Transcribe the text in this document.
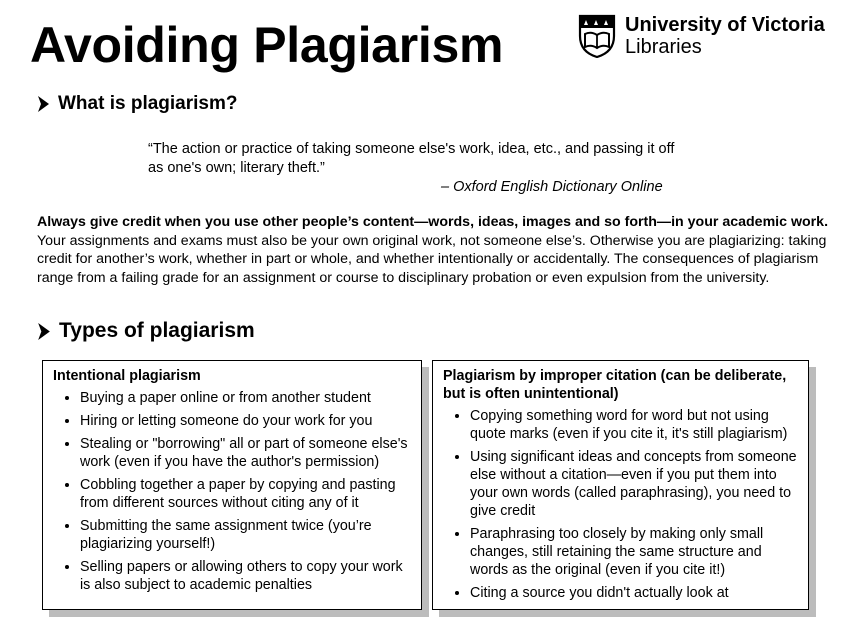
Avoiding Plagiarism	University of Victoria
Libraries
What is plagiarism?
“The action or practice of taking someone else's work, idea, etc., and passing it off as one's own; literary theft.”
– Oxford English Dictionary Online
Always give credit when you use other people’s content—words, ideas, images and so forth—in your academic work. Your assignments and exams must also be your own original work, not someone else’s. Otherwise you are plagiarizing: taking credit for another’s work, whether in part or whole, and whether intentionally or accidentally. The consequences of plagiarism range from a failing grade for an assignment or course to disciplinary probation or even expulsion from the university.
Types of plagiarism
Intentional plagiarism
• Buying a paper online or from another student
• Hiring or letting someone do your work for you
• Stealing or "borrowing" all or part of someone else's work (even if you have the author's permission)
• Cobbling together a paper by copying and pasting from different sources without citing any of it
• Submitting the same assignment twice (you’re plagiarizing yourself!)
• Selling papers or allowing others to copy your work is also subject to academic penalties
Plagiarism by improper citation (can be deliberate, but is often unintentional)
• Copying something word for word but not using quote marks (even if you cite it, it's still plagiarism)
• Using significant ideas and concepts from someone else without a citation—even if you put them into your own words (called paraphrasing), you need to give credit
• Paraphrasing too closely by making only small changes, still retaining the same structure and words as the original (even if you cite it!)
• Citing a source you didn't actually look at
